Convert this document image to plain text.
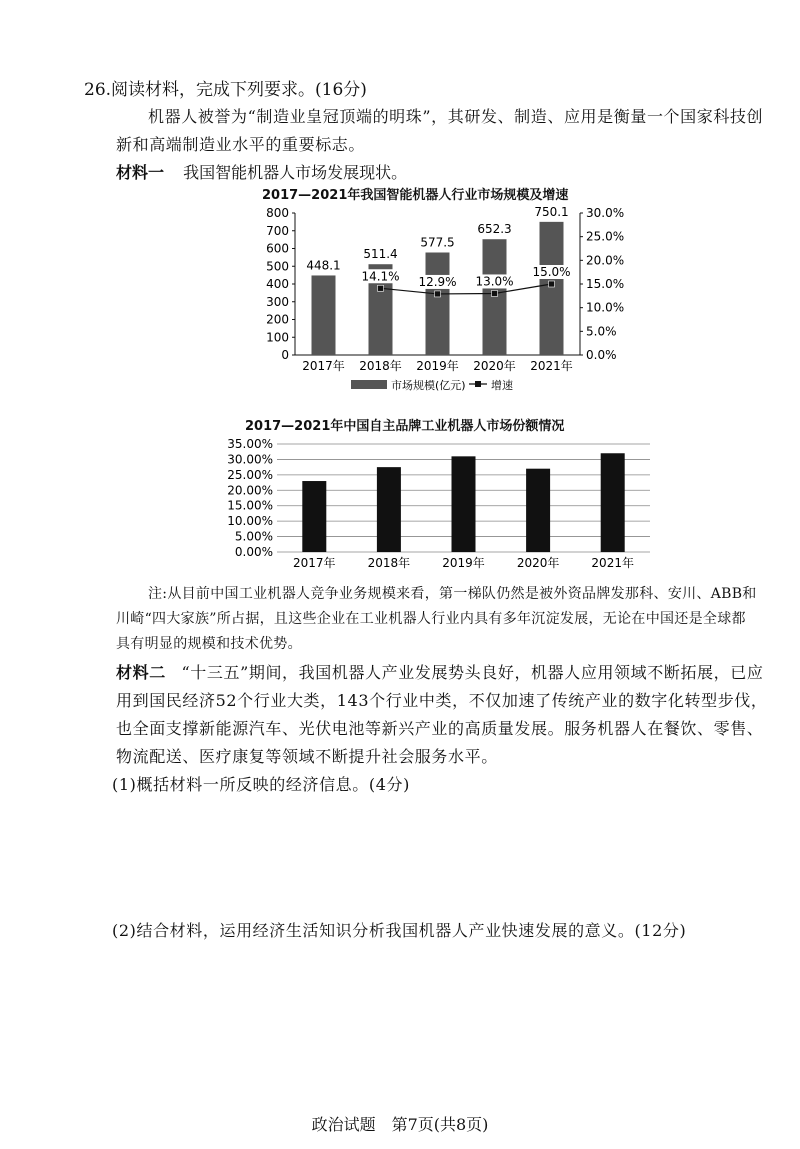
26.阅读材料，完成下列要求。(16分)
机器人被誉为“制造业皇冠顶端的明珠”，其研发、制造、应用是衡量一个国家科技创
新和高端制造业水平的重要标志。
材料一 我国智能机器人市场发展现状。
2017—2021年我国智能机器人行业市场规模及增速
0
100
200
300
400
500
600
700
800
0.0%
5.0%
10.0%
15.0%
20.0%
25.0%
30.0%
448.1
2017年
511.4
2018年
577.5
2019年
652.3
2020年
750.1
2021年
14.1% 12.9% 13.0%
15.0%
市场规模(亿元) 增速
2017—2021年中国自主品牌工业机器人市场份额情况
0.00%
5.00%
10.00%
15.00%
20.00%
25.00%
30.00%
35.00%
2017年	2018年	2019年	2020年	2021年
注:从目前中国工业机器人竞争业务规模来看，第一梯队仍然是被外资品牌发那科、安川、ABB和
川崎“四大家族”所占据，且这些企业在工业机器人行业内具有多年沉淀发展，无论在中国还是全球都
具有明显的规模和技术优势。
材料二 “十三五”期间，我国机器人产业发展势头良好，机器人应用领域不断拓展，已应
用到国民经济52个行业大类，143个行业中类，不仅加速了传统产业的数字化转型步伐，
也全面支撑新能源汽车、光伏电池等新兴产业的高质量发展。服务机器人在餐饮、零售、
物流配送、医疗康复等领域不断提升社会服务水平。
(1)概括材料一所反映的经济信息。(4分)
(2)结合材料，运用经济生活知识分析我国机器人产业快速发展的意义。(12分)
政治试题　第7页(共8页)
